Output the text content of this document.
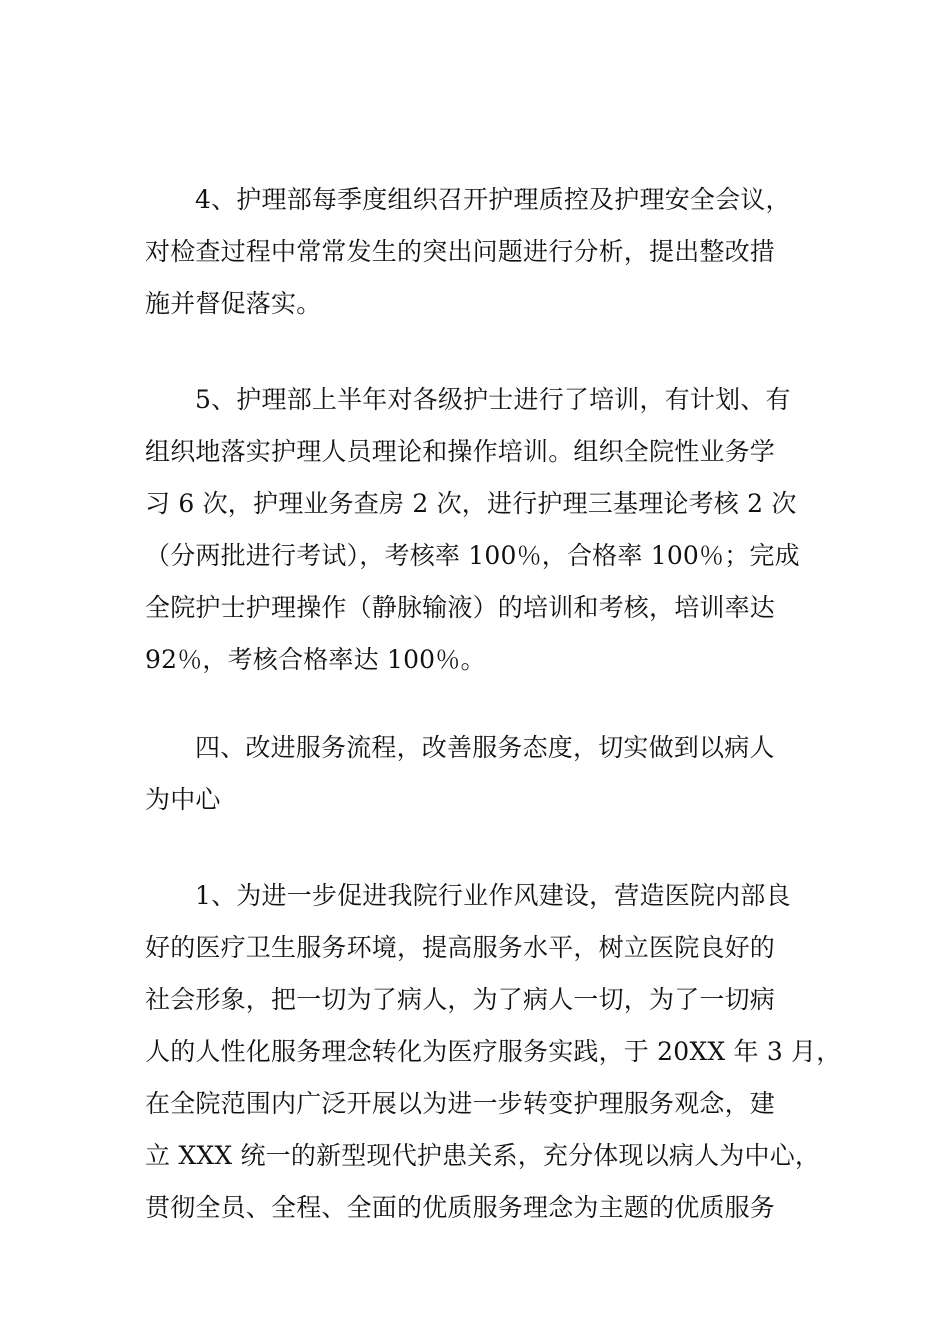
4、护理部每季度组织召开护理质控及护理安全会议，
对检查过程中常常发生的突出问题进行分析，提出整改措
施并督促落实。
5、护理部上半年对各级护士进行了培训，有计划、有
组织地落实护理人员理论和操作培训。组织全院性业务学
习 6 次，护理业务查房 2 次，进行护理三基理论考核 2 次
（分两批进行考试），考核率 100％，合格率 100％；完成
全院护士护理操作（静脉输液）的培训和考核，培训率达
92％，考核合格率达 100％。
四、改进服务流程，改善服务态度，切实做到以病人
为中心
1、为进一步促进我院行业作风建设，营造医院内部良
好的医疗卫生服务环境，提高服务水平，树立医院良好的
社会形象，把一切为了病人，为了病人一切，为了一切病
人的人性化服务理念转化为医疗服务实践，于 20XX 年 3 月，
在全院范围内广泛开展以为进一步转变护理服务观念，建
立 XXX 统一的新型现代护患关系，充分体现以病人为中心，
贯彻全员、全程、全面的优质服务理念为主题的优质服务
